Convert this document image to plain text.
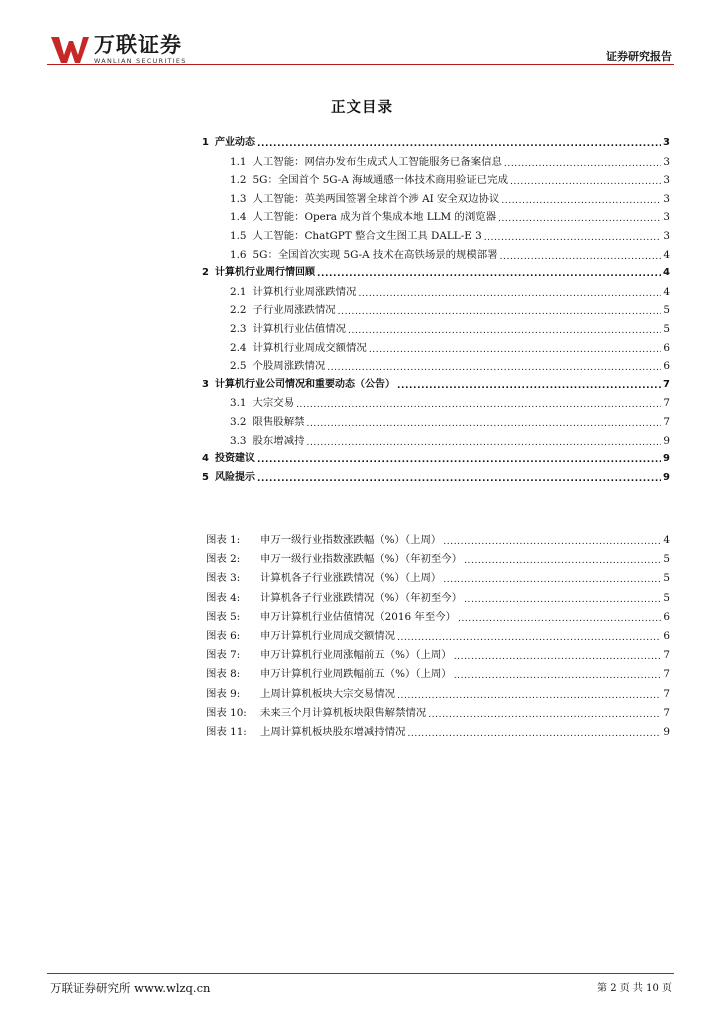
万联证券
WANLIAN SECURITIES	证券研究报告
正文目录
1 产业动态 .....	3
1.1 人工智能：网信办发布生成式人工智能服务已备案信息 .....	3
1.2 5G：全国首个 5G-A 海域通感一体技术商用验证已完成 .....	3
1.3 人工智能：英美两国签署全球首个涉 AI 安全双边协议 .....	3
1.4 人工智能：Opera 成为首个集成本地 LLM 的浏览器 .....	3
1.5 人工智能：ChatGPT 整合文生图工具 DALL-E 3 .....	3
1.6 5G：全国首次实现 5G-A 技术在高铁场景的规模部署 .....	4
2 计算机行业周行情回顾 .....	4
2.1 计算机行业周涨跌情况 .....	4
2.2 子行业周涨跌情况 .....	5
2.3 计算机行业估值情况 .....	5
2.4 计算机行业周成交额情况 .....	6
2.5 个股周涨跌情况 .....	6
3 计算机行业公司情况和重要动态（公告） .....	7
3.1 大宗交易 .....	7
3.2 限售股解禁 .....	7
3.3 股东增减持 .....	9
4 投资建议 .....	9
5 风险提示 .....	9
图表 1:	申万一级行业指数涨跌幅（%）（上周） .....	4
图表 2:	申万一级行业指数涨跌幅（%）（年初至今） .....	5
图表 3:	计算机各子行业涨跌情况（%）（上周） .....	5
图表 4:	计算机各子行业涨跌情况（%）（年初至今） .....	5
图表 5:	申万计算机行业估值情况（2016 年至今） .....	6
图表 6:	申万计算机行业周成交额情况 .....	6
图表 7:	申万计算机行业周涨幅前五（%）（上周） .....	7
图表 8:	申万计算机行业周跌幅前五（%）（上周） .....	7
图表 9:	上周计算机板块大宗交易情况 .....	7
图表 10:	未来三个月计算机板块限售解禁情况 .....	7
图表 11:	上周计算机板块股东增减持情况 .....	9
万联证券研究所 www.wlzq.cn	第 2 页 共 10 页
